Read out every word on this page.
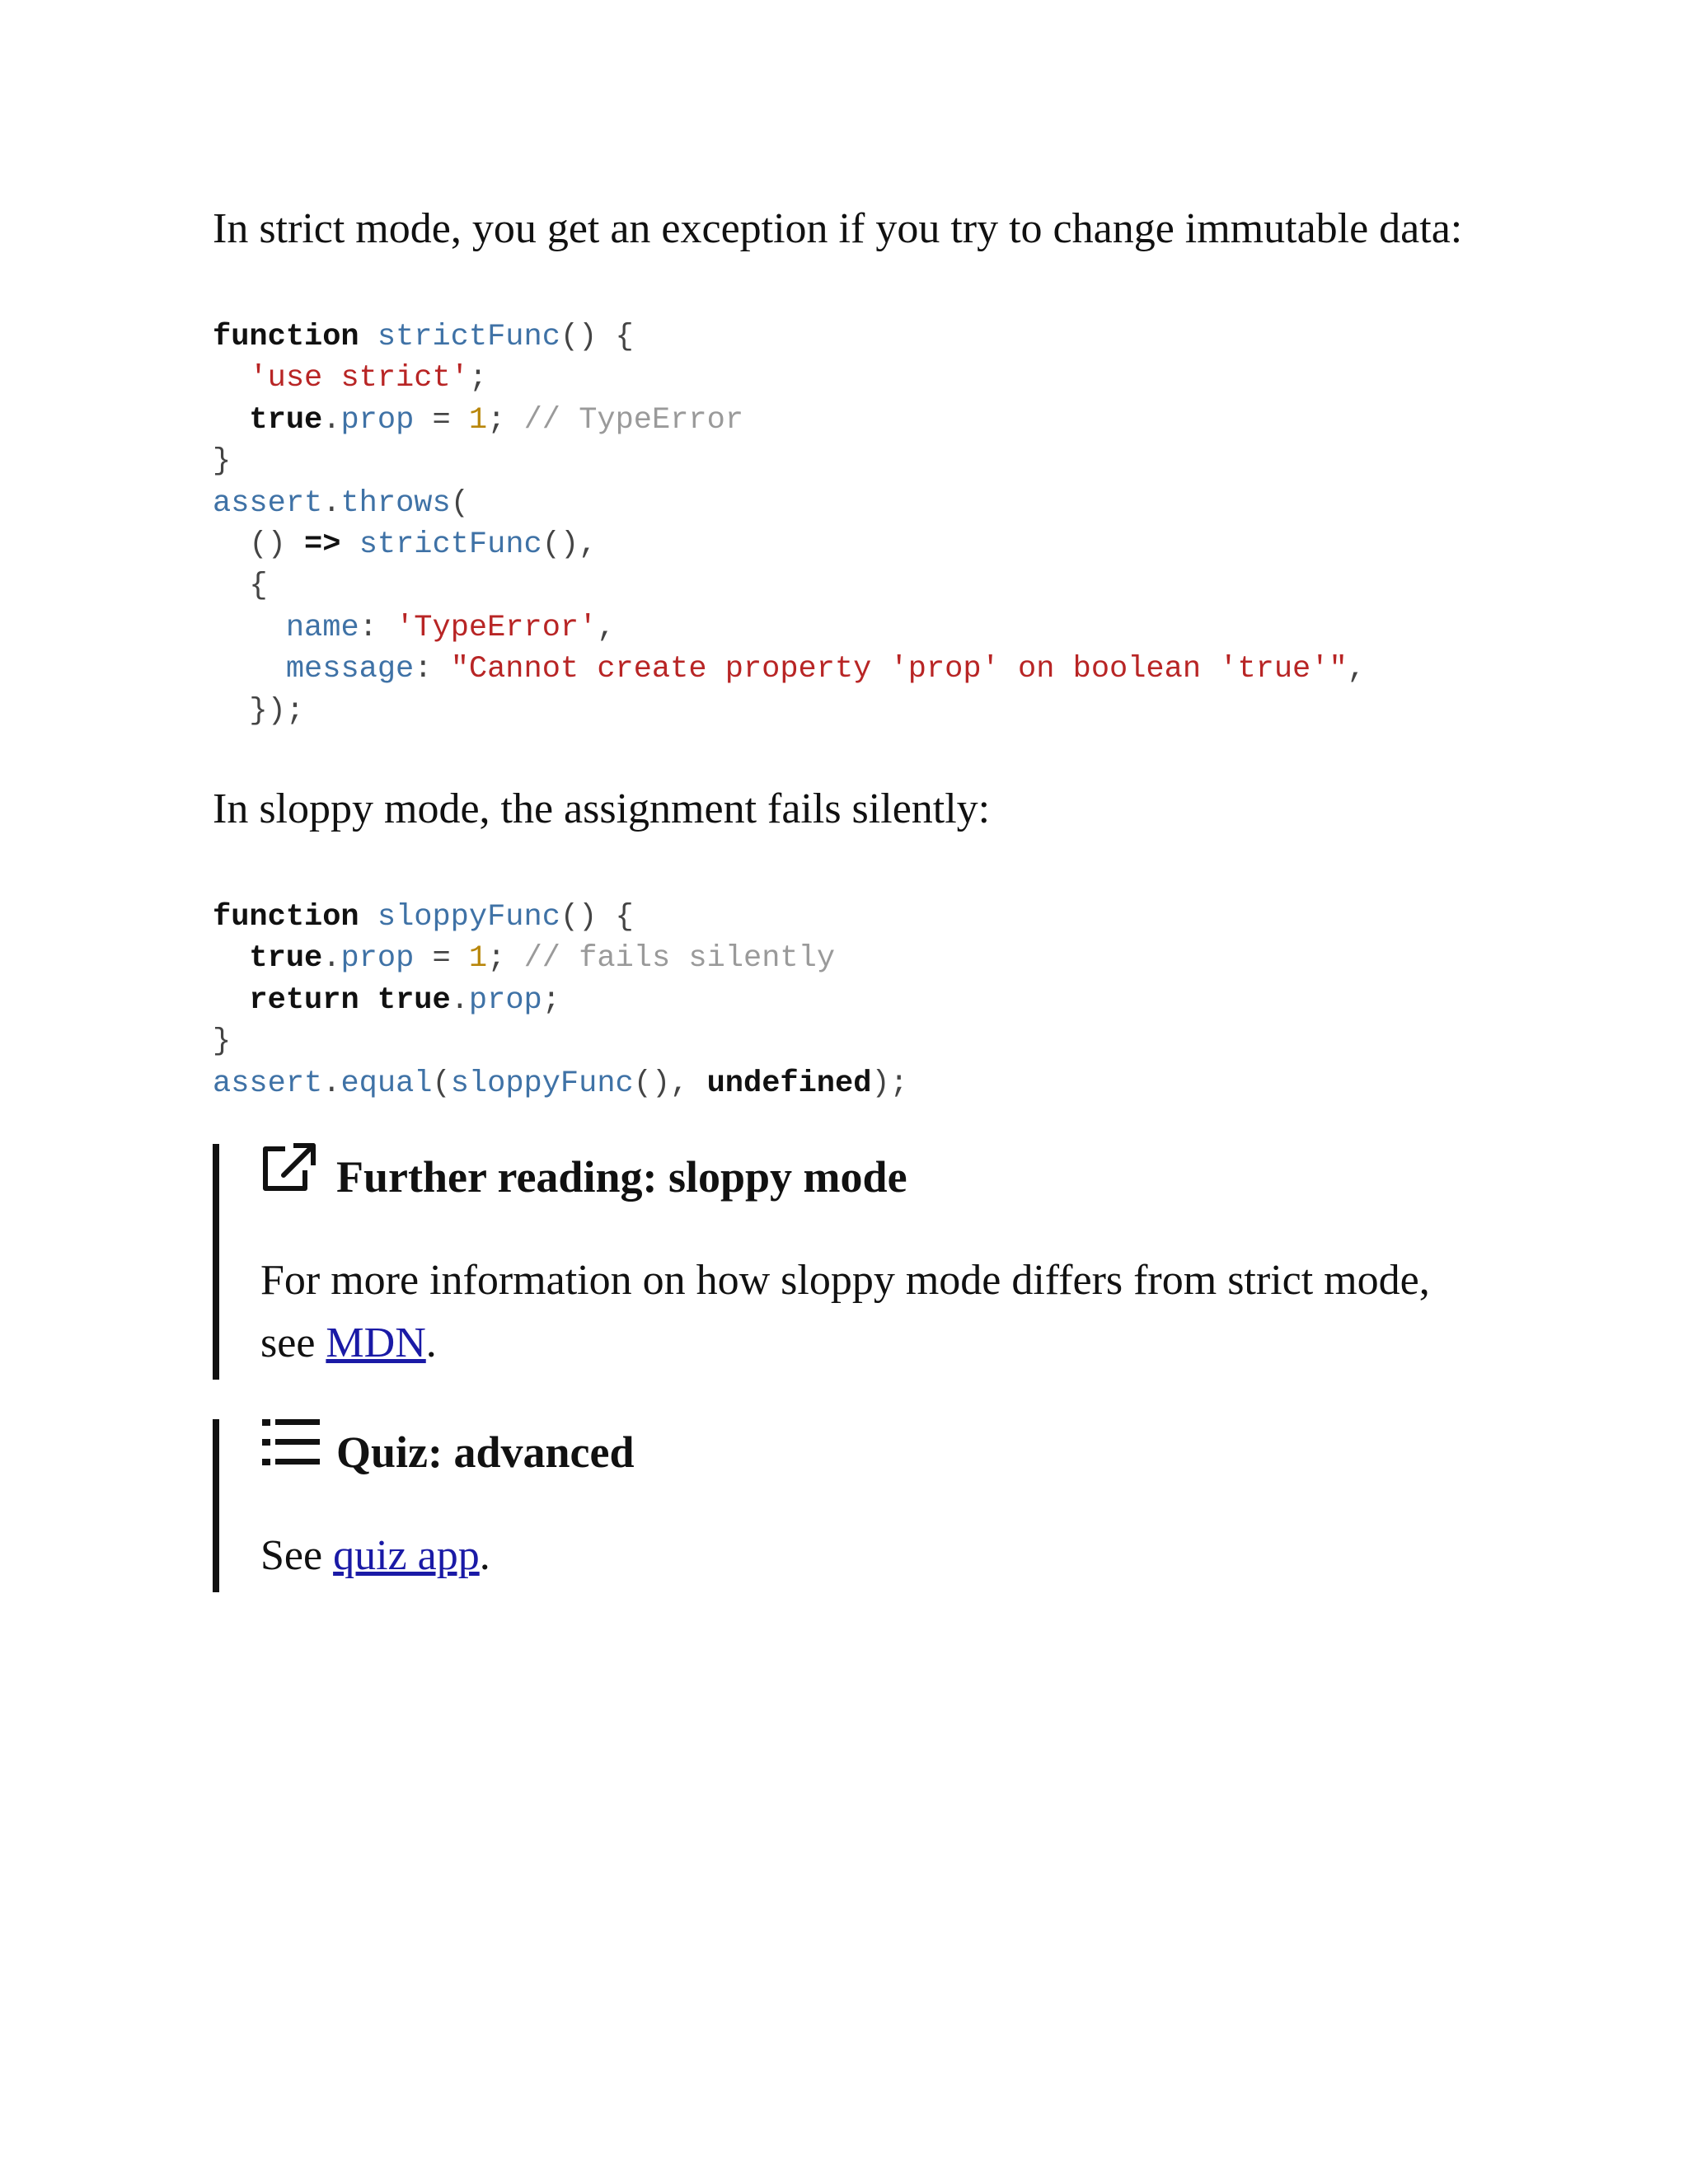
In strict mode, you get an exception if you try to change immutable data:

function strictFunc() {
'use strict';
true.prop = 1; // TypeError
}
assert.throws(
() => strictFunc(),
{
name: 'TypeError',
message: "Cannot create property 'prop' on boolean 'true'",
});

In sloppy mode, the assignment fails silently:

function sloppyFunc() {
true.prop = 1; // fails silently
return true.prop;
}
assert.equal(sloppyFunc(), undefined);
Further reading: sloppy mode

For more information on how sloppy mode differs from strict mode, see MDN.

Quiz: advanced

See quiz app.
